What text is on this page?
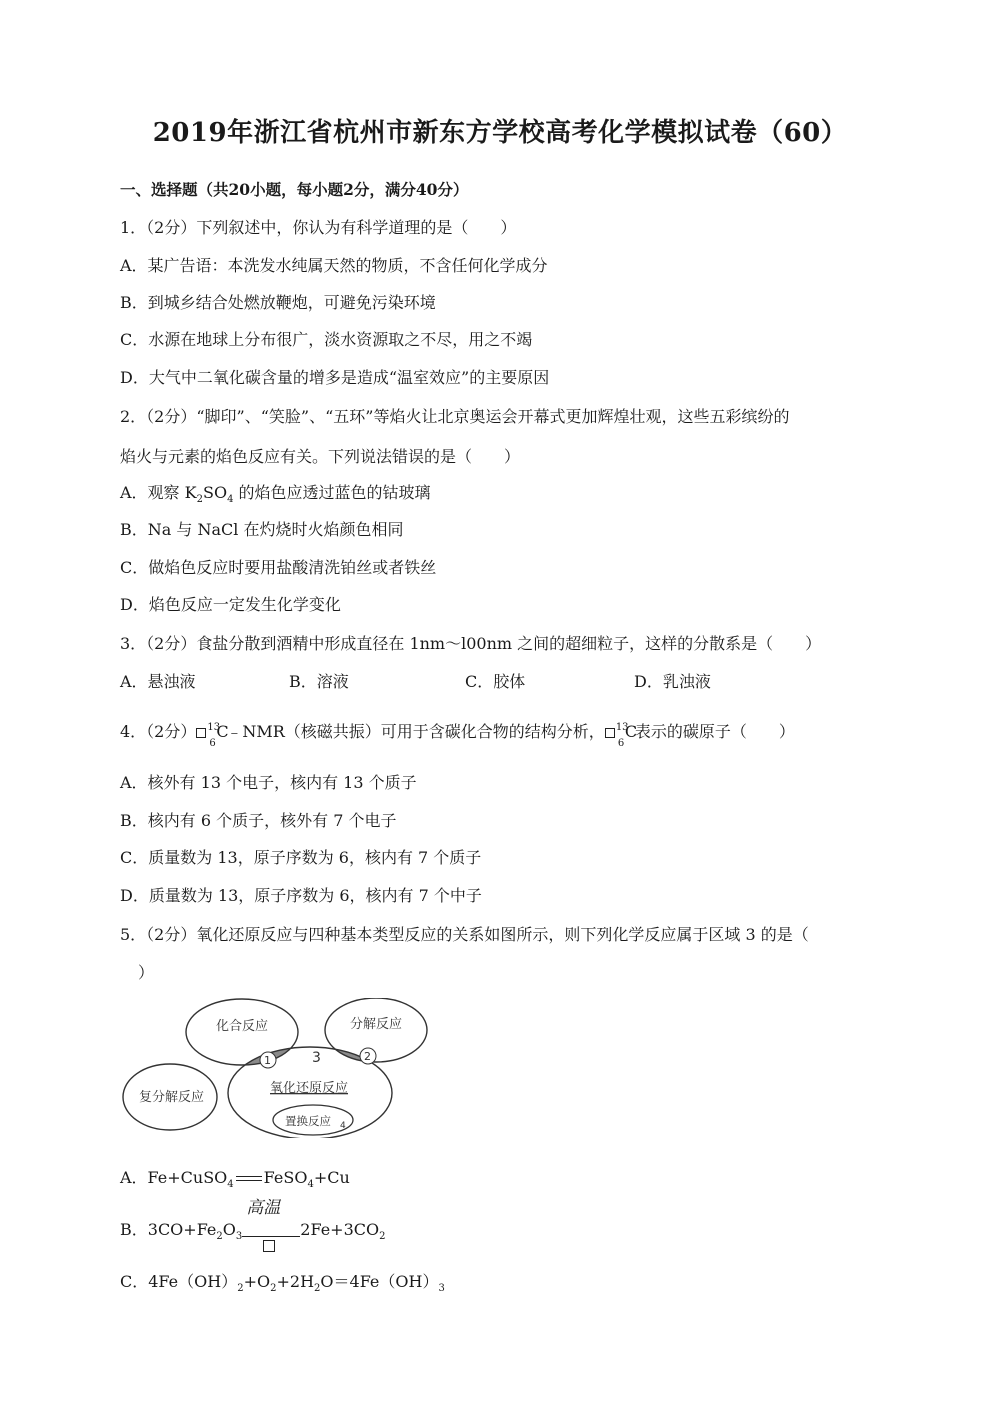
2019年浙江省杭州市新东方学校高考化学模拟试卷（60）
一、选择题（共20小题，每小题2分，满分40分）
1．（2分）下列叙述中，你认为有科学道理的是（　　）
A．某广告语：本洗发水纯属天然的物质，不含任何化学成分
B．到城乡结合处燃放鞭炮，可避免污染环境
C．水源在地球上分布很广，淡水资源取之不尽，用之不竭
D．大气中二氧化碳含量的增多是造成“温室效应”的主要原因
2．（2分）“脚印”、“笑脸”、“五环”等焰火让北京奥运会开幕式更加辉煌壮观，这些五彩缤纷的
焰火与元素的焰色反应有关。下列说法错误的是（　　）
A．观察 $K_2SO_4$ 的焰色应透过蓝色的钴玻璃
B．Na 与 NaCl 在灼烧时火焰颜色相同
C．做焰色反应时要用盐酸清洗铂丝或者铁丝
D．焰色反应一定发生化学变化
3．（2分）食盐分散到酒精中形成直径在 1nm～l00nm 之间的超细粒子，这样的分散系是（　　）
A．悬浊液	B．溶液	C．胶体	D．乳浊液
4．（2分） 13
6
C
﹣NMR（核磁共振）可用于含碳化合物的结构分析， 13
6
C
表示的碳原子（　　）
A．核外有 13 个电子，核内有 13 个质子
B．核内有 6 个质子，核外有 7 个电子
C．质量数为 13，原子序数为 6，核内有 7 个质子
D．质量数为 13，原子序数为 6，核内有 7 个中子
5．（2分）氧化还原反应与四种基本类型反应的关系如图所示，则下列化学反应属于区域 3 的是（
）
化合反应	分解反应
复分解反应
氧化还原反应
置换反应 4
1	2
3
A．Fe+CuSO$_4$ FeSO$_4$+Cu
B．$3CO+Fe_2O_3$
高温
$2Fe+3CO_2$
C．$4Fe(OH)_2+O_2+2H_2O=4Fe(OH)_3$
